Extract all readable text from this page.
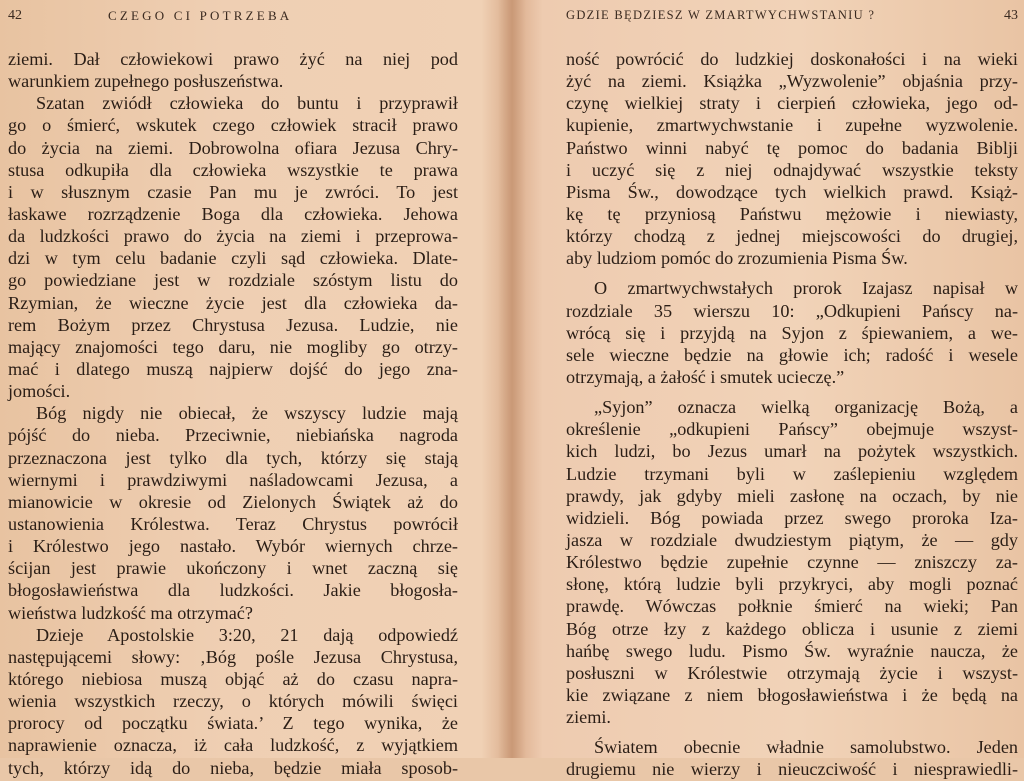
42	CZEGO CI POTRZEBA
ziemi. Dał człowiekowi prawo żyć na niej pod
warunkiem zupełnego posłuszeństwa.
Szatan zwiódł człowieka do buntu i przyprawił
go o śmierć, wskutek czego człowiek stracił prawo
do życia na ziemi. Dobrowolna ofiara Jezusa Chry-
stusa odkupiła dla człowieka wszystkie te prawa
i w słusznym czasie Pan mu je zwróci. To jest
łaskawe rozrządzenie Boga dla człowieka. Jehowa
da ludzkości prawo do życia na ziemi i przeprowa-
dzi w tym celu badanie czyli sąd człowieka. Dlate-
go powiedziane jest w rozdziale szóstym listu do
Rzymian, że wieczne życie jest dla człowieka da-
rem Bożym przez Chrystusa Jezusa. Ludzie, nie
mający znajomości tego daru, nie mogliby go otrzy-
mać i dlatego muszą najpierw dojść do jego zna-
jomości.
Bóg nigdy nie obiecał, że wszyscy ludzie mają
pójść do nieba. Przeciwnie, niebiańska nagroda
przeznaczona jest tylko dla tych, którzy się stają
wiernymi i prawdziwymi naśladowcami Jezusa, a
mianowicie w okresie od Zielonych Świątek aż do
ustanowienia Królestwa. Teraz Chrystus powrócił
i Królestwo jego nastało. Wybór wiernych chrze-
ścijan jest prawie ukończony i wnet zaczną się
błogosławieństwa dla ludzkości. Jakie błogosła-
wieństwa ludzkość ma otrzymać?
Dzieje Apostolskie 3:20, 21 dają odpowiedź
następującemi słowy: ‚Bóg pośle Jezusa Chrystusa,
którego niebiosa muszą objąć aż do czasu napra-
wienia wszystkich rzeczy, o których mówili święci
prorocy od początku świata.’ Z tego wynika, że
naprawienie oznacza, iż cała ludzkość, z wyjątkiem
tych, którzy idą do nieba, będzie miała sposob-
GDZIE BĘDZIESZ W ZMARTWYCHWSTANIU ?	43
ność powrócić do ludzkiej doskonałości i na wieki
żyć na ziemi. Książka „Wyzwolenie” objaśnia przy-
czynę wielkiej straty i cierpień człowieka, jego od-
kupienie, zmartwychwstanie i zupełne wyzwolenie.
Państwo winni nabyć tę pomoc do badania Biblji
i uczyć się z niej odnajdywać wszystkie teksty
Pisma Św., dowodzące tych wielkich prawd. Książ-
kę tę przyniosą Państwu mężowie i niewiasty,
którzy chodzą z jednej miejscowości do drugiej,
aby ludziom pomóc do zrozumienia Pisma Św.
O zmartwychwstałych prorok Izajasz napisał w
rozdziale 35 wierszu 10: „Odkupieni Pańscy na-
wrócą się i przyjdą na Syjon z śpiewaniem, a we-
sele wieczne będzie na głowie ich; radość i wesele
otrzymają, a żałość i smutek ucieczę.”
„Syjon” oznacza wielką organizację Bożą, a
określenie „odkupieni Pańscy” obejmuje wszyst-
kich ludzi, bo Jezus umarł na pożytek wszystkich.
Ludzie trzymani byli w zaślepieniu względem
prawdy, jak gdyby mieli zasłonę na oczach, by nie
widzieli. Bóg powiada przez swego proroka Iza-
jasza w rozdziale dwudziestym piątym, że — gdy
Królestwo będzie zupełnie czynne — zniszczy za-
słonę, którą ludzie byli przykryci, aby mogli poznać
prawdę. Wówczas połknie śmierć na wieki; Pan
Bóg otrze łzy z każdego oblicza i usunie z ziemi
hańbę swego ludu. Pismo Św. wyraźnie naucza, że
posłuszni w Królestwie otrzymają życie i wszyst-
kie związane z niem błogosławieństwa i że będą na
ziemi.
Światem obecnie władnie samolubstwo. Jeden
drugiemu nie wierzy i nieuczciwość i niesprawiedli-
